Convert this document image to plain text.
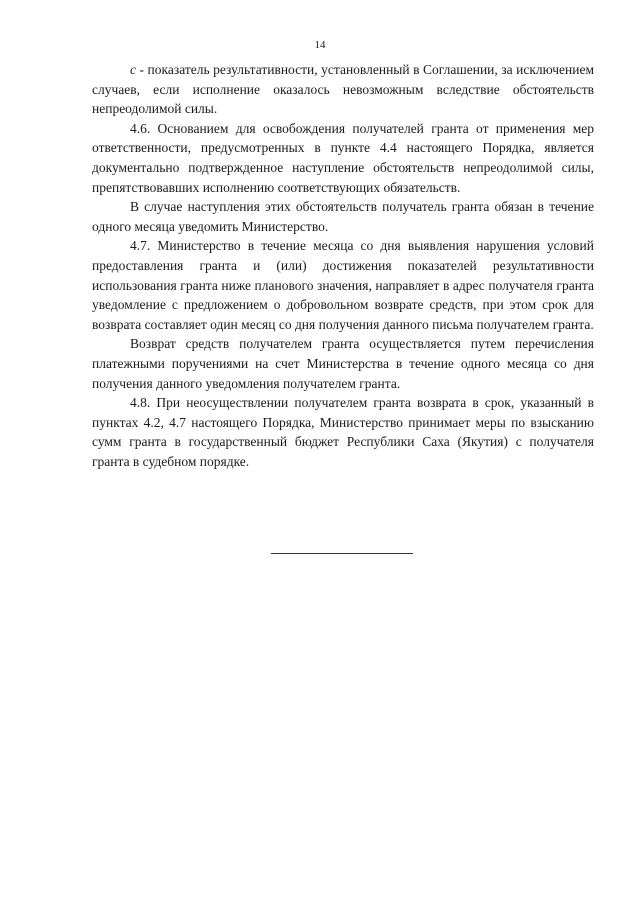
14

c - показатель результативности, установленный в Соглашении, за исключением случаев, если исполнение оказалось невозможным вследствие обстоятельств непреодолимой силы.

4.6. Основанием для освобождения получателей гранта от применения мер ответственности, предусмотренных в пункте 4.4 настоящего Порядка, является документально подтвержденное наступление обстоятельств непреодолимой силы, препятствовавших исполнению соответствующих обязательств.

В случае наступления этих обстоятельств получатель гранта обязан в течение одного месяца уведомить Министерство.

4.7. Министерство в течение месяца со дня выявления нарушения условий предоставления гранта и (или) достижения показателей результативности использования гранта ниже планового значения, направляет в адрес получателя гранта уведомление с предложением о добровольном возврате средств, при этом срок для возврата составляет один месяц со дня получения данного письма получателем гранта.

Возврат средств получателем гранта осуществляется путем перечисления платежными поручениями на счет Министерства в течение одного месяца со дня получения данного уведомления получателем гранта.

4.8. При неосуществлении получателем гранта возврата в срок, указанный в пунктах 4.2, 4.7 настоящего Порядка, Министерство принимает меры по взысканию сумм гранта в государственный бюджет Республики Саха (Якутия) с получателя гранта в судебном порядке.
